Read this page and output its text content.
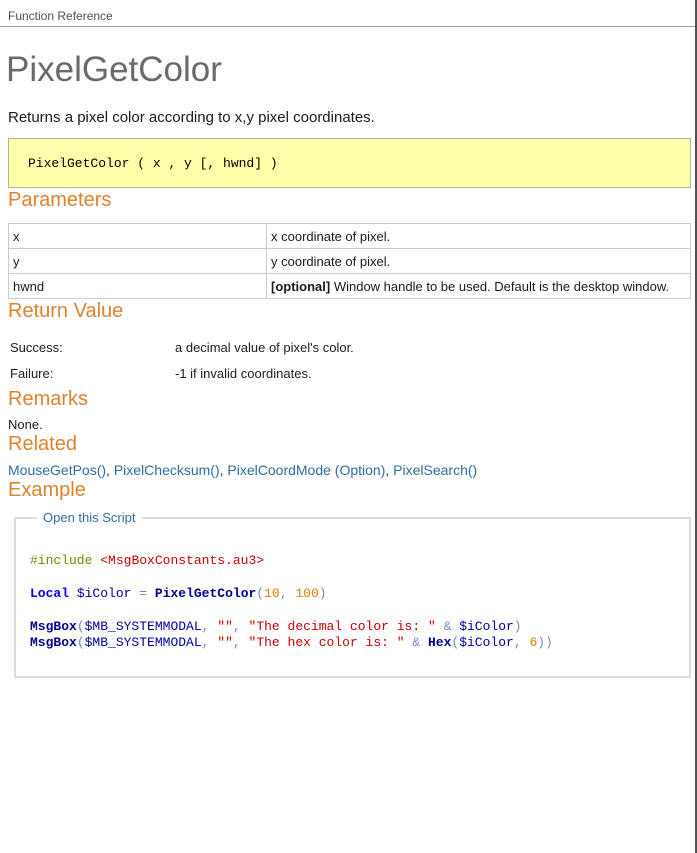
Function Reference
PixelGetColor

Returns a pixel color according to x,y pixel coordinates.

PixelGetColor ( x , y [, hwnd] )
Parameters
x	x coordinate of pixel.
y	y coordinate of pixel.
hwnd	[optional] Window handle to be used. Default is the desktop window.
Return Value
Success:	a decimal value of pixel's color.
Failure:	-1 if invalid coordinates.
Remarks

None.

Related

MouseGetPos(), PixelChecksum(), PixelCoordMode (Option), PixelSearch()

Example
Open this Script

#include <MsgBoxConstants.au3>

Local $iColor = PixelGetColor(10, 100)

MsgBox($MB_SYSTEMMODAL, "", "The decimal color is: " & $iColor)
MsgBox($MB_SYSTEMMODAL, "", "The hex color is: " & Hex($iColor, 6))
